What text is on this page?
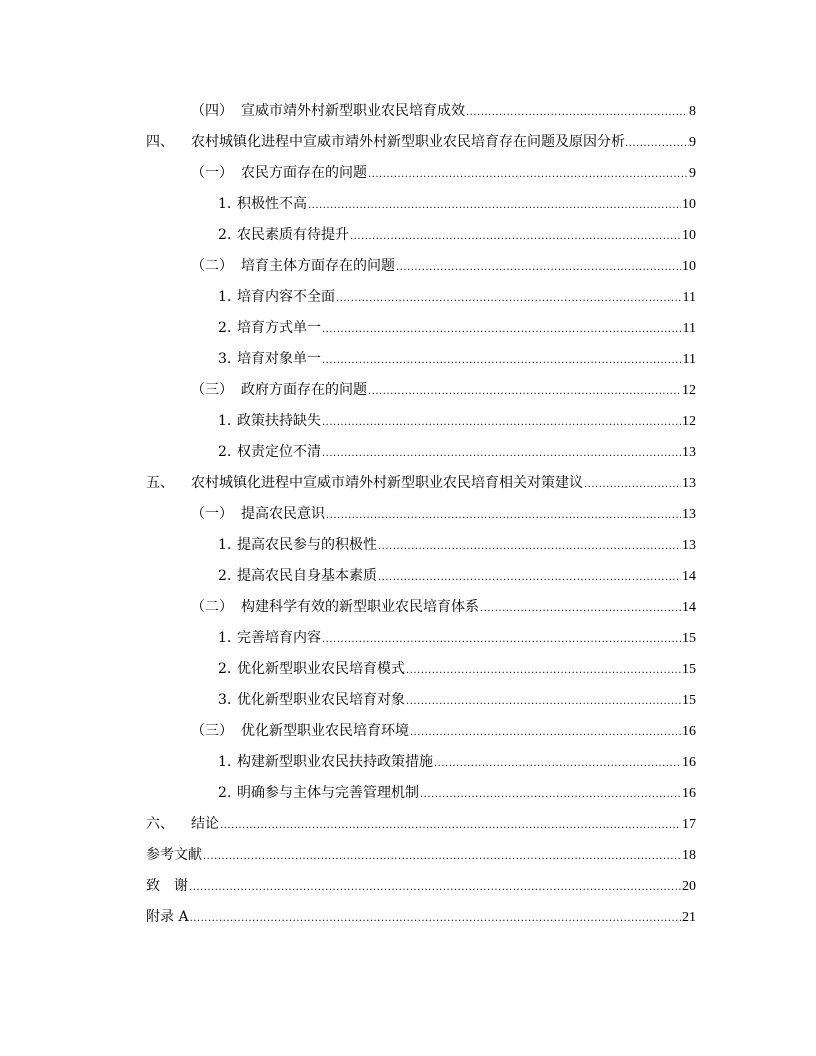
（四） 宣威市靖外村新型职业农民培育成效 .....	8
四、	农村城镇化进程中宣威市靖外村新型职业农民培育存在问题及原因分析 .....	9
（一） 农民方面存在的问题 .....	9
1. 积极性不高 .....	10
2. 农民素质有待提升 .....	10
（二） 培育主体方面存在的问题 .....	10
1. 培育内容不全面 .....	11
2. 培育方式单一 .....	11
3. 培育对象单一 .....	11
（三） 政府方面存在的问题 .....	12
1. 政策扶持缺失 .....	12
2. 权责定位不清 .....	13
五、	农村城镇化进程中宣威市靖外村新型职业农民培育相关对策建议 .....	13
（一） 提高农民意识 .....	13
1. 提高农民参与的积极性 .....	13
2. 提高农民自身基本素质 .....	14
（二） 构建科学有效的新型职业农民培育体系 .....	14
1. 完善培育内容 .....	15
2. 优化新型职业农民培育模式 .....	15
3. 优化新型职业农民培育对象 .....	15
（三） 优化新型职业农民培育环境 .....	16
1. 构建新型职业农民扶持政策措施 .....	16
2. 明确参与主体与完善管理机制 .....	16
六、	结论 .....	17
参考文献 .....	18
致　谢 .....	20
附录 A .....	21
